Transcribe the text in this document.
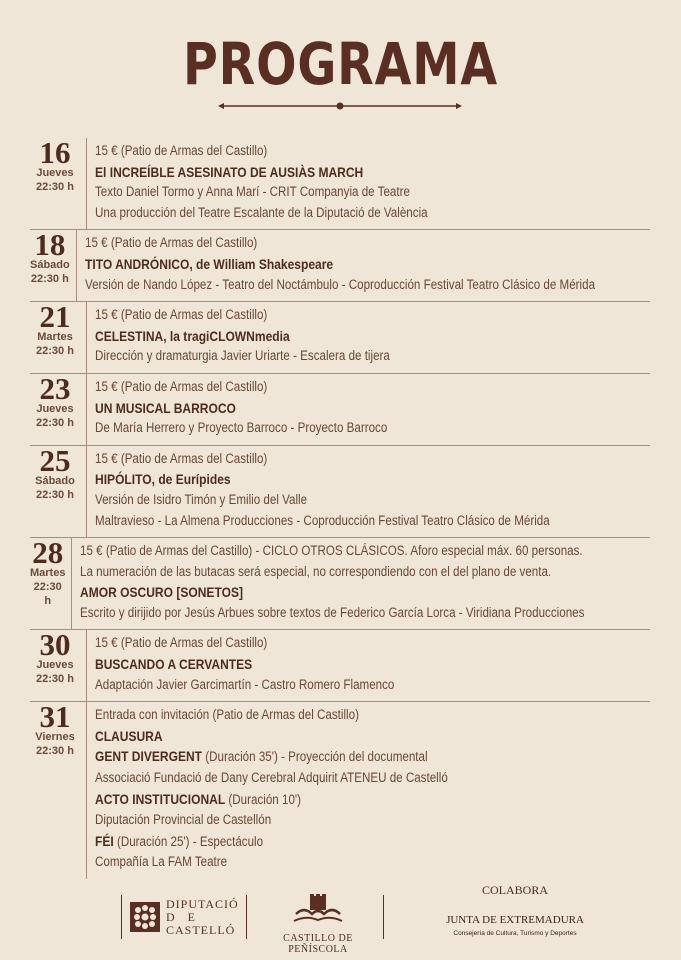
PROGRAMA
16
Jueves
22:30 h
15 € (Patio de Armas del Castillo)
El INCREÍBLE ASESINATO DE AUSIÀS MARCH
Texto Daniel Tormo y Anna Marí - CRIT Companyia de Teatre
Una producción del Teatre Escalante de la Diputació de València
18
Sábado
22:30 h
15 € (Patio de Armas del Castillo)
TITO ANDRÓNICO, de William Shakespeare
Versión de Nando López - Teatro del Noctámbulo - Coproducción Festival Teatro Clásico de Mérida
21
Martes
22:30 h
15 € (Patio de Armas del Castillo)
CELESTINA, la tragiCLOWNmedia
Dirección y dramaturgia Javier Uriarte - Escalera de tijera
23
Jueves
22:30 h
15 € (Patio de Armas del Castillo)
UN MUSICAL BARROCO
De María Herrero y Proyecto Barroco - Proyecto Barroco
25
Sábado
22:30 h
15 € (Patio de Armas del Castillo)
HIPÓLITO, de Eurípides
Versión de Isidro Timón y Emilio del Valle
Maltravieso - La Almena Producciones - Coproducción Festival Teatro Clásico de Mérida
28
Martes
22:30 h
15 € (Patio de Armas del Castillo) - CICLO OTROS CLÁSICOS. Aforo especial máx. 60 personas.
La numeración de las butacas será especial, no correspondiendo con el del plano de venta.
AMOR OSCURO [SONETOS]
Escrito y dirijido por Jesús Arbues sobre textos de Federico García Lorca - Viridiana Producciones
30
Jueves
22:30 h
15 € (Patio de Armas del Castillo)
BUSCANDO A CERVANTES
Adaptación Javier Garcimartín - Castro Romero Flamenco
31
Viernes
22:30 h
Entrada con invitación (Patio de Armas del Castillo)
CLAUSURA
GENT DIVERGENT (Duración 35') - Proyección del documental
Associació Fundació de Dany Cerebral Adquirit ATENEU de Castelló
ACTO INSTITUCIONAL (Duración 10')
Diputación Provincial de Castellón
FÉI (Duración 25') - Espectáculo
Compañía La FAM Teatre
DIPUTACIÓ
D   E
CASTELLÓ
CASTILLO DE PEÑÍSCOLA
COLABORA
JUNTA DE EXTREMADURA
Consejería de Cultura, Turismo y Deportes
